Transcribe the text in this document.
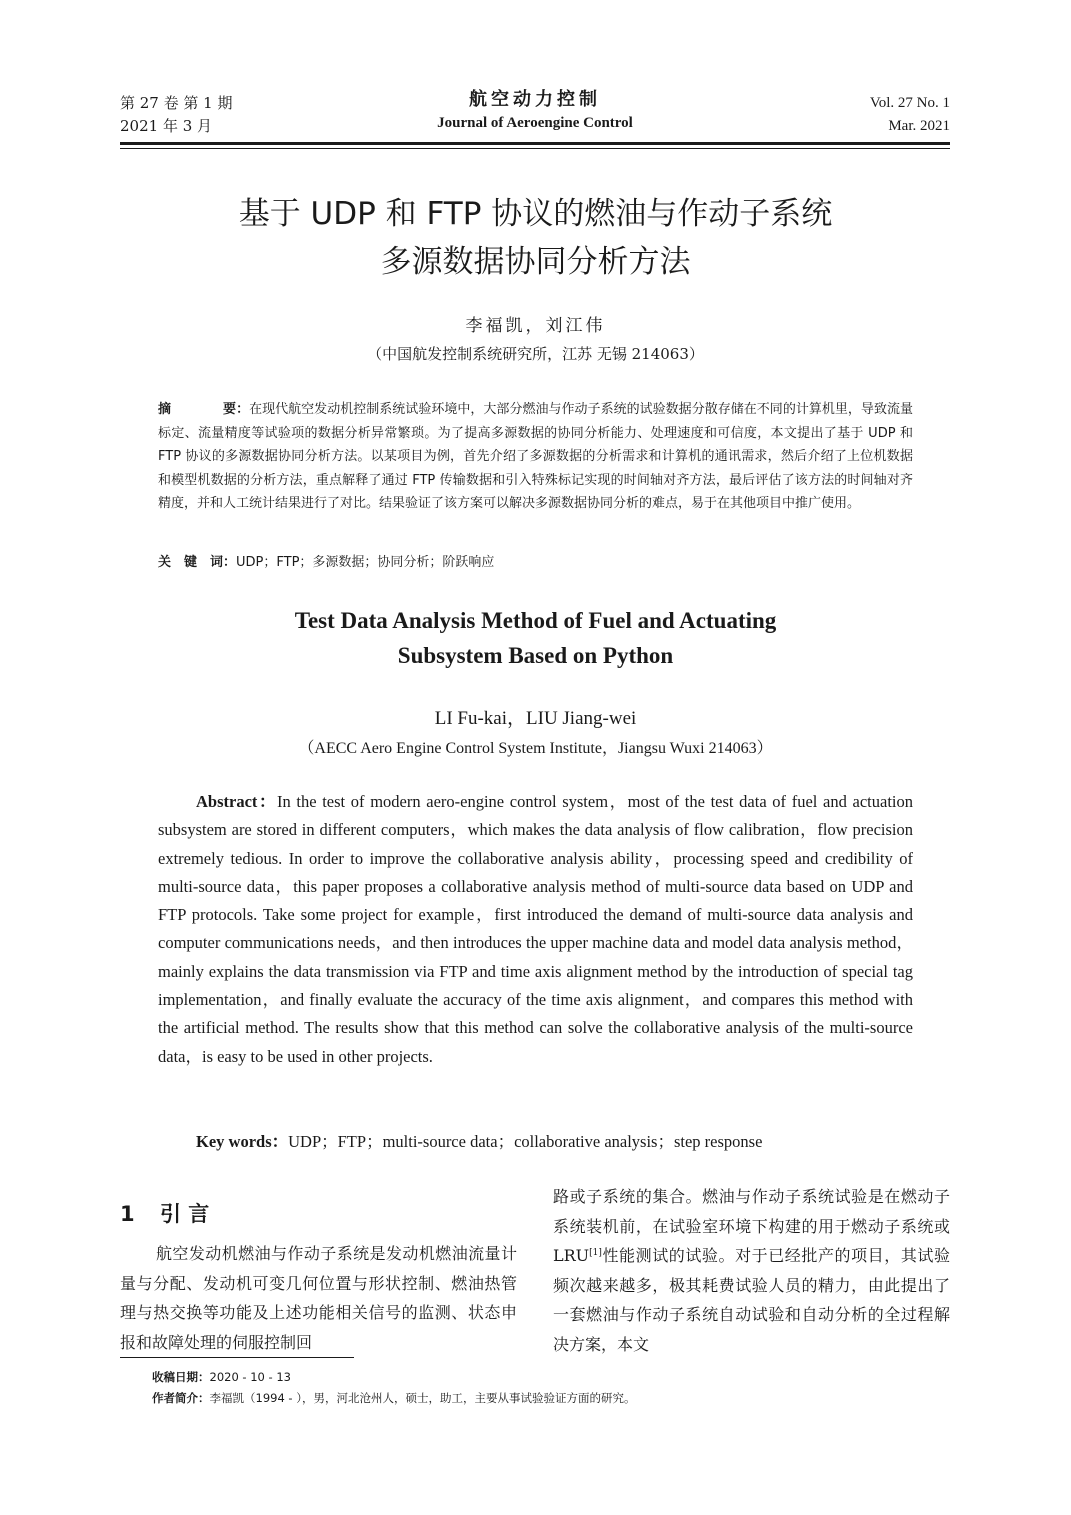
第 27 卷 第 1 期
2021 年 3 月
航空动力控制
Journal of Aeroengine Control
Vol. 27 No. 1
Mar. 2021
基于 UDP 和 FTP 协议的燃油与作动子系统
多源数据协同分析方法
李福凯，刘江伟
（中国航发控制系统研究所，江苏 无锡 214063）
摘	要：在现代航空发动机控制系统试验环境中，大部分燃油与作动子系统的试验数据分散存储在不同的计算机里，导致流量标定、流量精度等试验项的数据分析异常繁琐。为了提高多源数据的协同分析能力、处理速度和可信度，本文提出了基于 UDP 和 FTP 协议的多源数据协同分析方法。以某项目为例，首先介绍了多源数据的分析需求和计算机的通讯需求，然后介绍了上位机数据和模型机数据的分析方法，重点解释了通过 FTP 传输数据和引入特殊标记实现的时间轴对齐方法，最后评估了该方法的时间轴对齐精度，并和人工统计结果进行了对比。结果验证了该方案可以解决多源数据协同分析的难点，易于在其他项目中推广使用。
关　键　词：UDP；FTP；多源数据；协同分析；阶跃响应
Test Data Analysis Method of Fuel and Actuating
Subsystem Based on Python
LI Fu-kai，LIU Jiang-wei
（AECC Aero Engine Control System Institute，Jiangsu Wuxi 214063）
Abstract：In the test of modern aero-engine control system，most of the test data of fuel and actuation subsystem are stored in different computers，which makes the data analysis of flow calibration，flow precision extremely tedious. In order to improve the collaborative analysis ability，processing speed and credibility of multi-source data，this paper proposes a collaborative analysis method of multi-source data based on UDP and FTP protocols. Take some project for example，first introduced the demand of multi-source data analysis and computer communications needs，and then introduces the upper machine data and model data analysis method，mainly explains the data transmission via FTP and time axis alignment method by the introduction of special tag implementation，and finally evaluate the accuracy of the time axis alignment，and compares this method with the artificial method. The results show that this method can solve the collaborative analysis of the multi-source data，is easy to be used in other projects.
Key words：UDP；FTP；multi-source data；collaborative analysis；step response
1 引 言
航空发动机燃油与作动子系统是发动机燃油流量计量与分配、发动机可变几何位置与形状控制、燃油热管理与热交换等功能及上述功能相关信号的监测、状态申报和故障处理的伺服控制回
路或子系统的集合。燃油与作动子系统试验是在燃动子系统装机前，在试验室环境下构建的用于燃动子系统或 LRU[1]性能测试的试验。对于已经批产的项目，其试验频次越来越多，极其耗费试验人员的精力，由此提出了一套燃油与作动子系统自动试验和自动分析的全过程解决方案，本文
收稿日期：2020 - 10 - 13
作者简介：李福凯（1994 - ），男，河北沧州人，硕士，助工，主要从事试验验证方面的研究。
